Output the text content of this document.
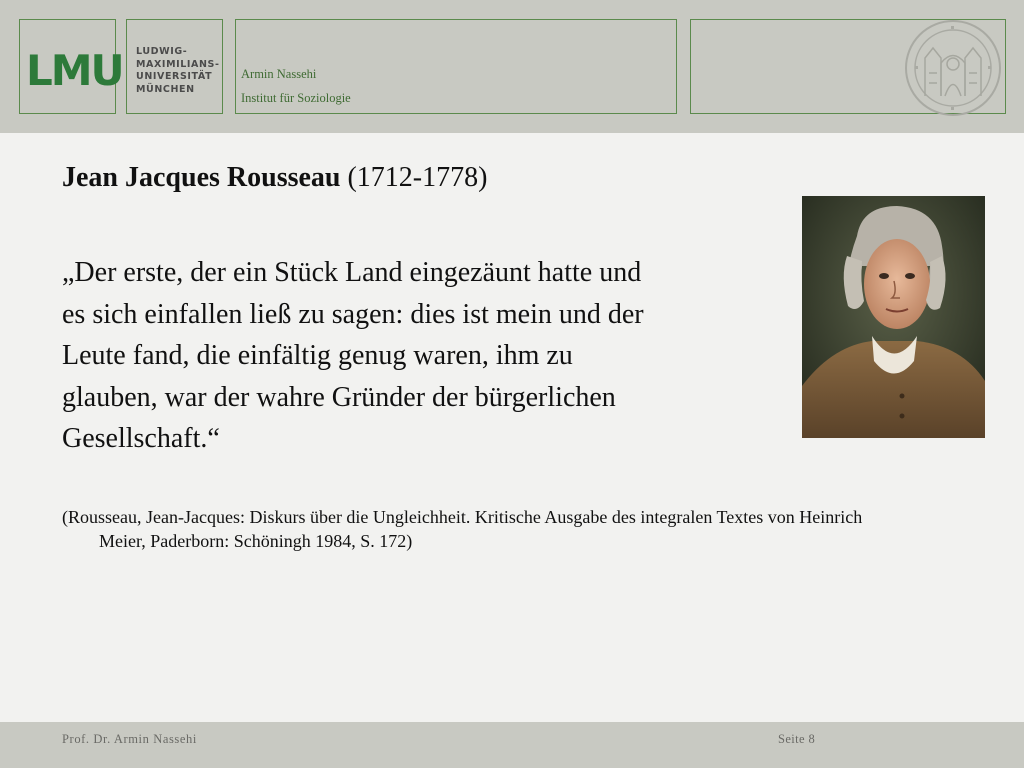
LMU LUDWIG-
MAXIMILIANS-
UNIVERSITÄT
MÜNCHEN
Armin Nassehi
Institut für Soziologie
Jean Jacques Rousseau (1712-1778)
„Der erste, der ein Stück Land eingezäunt hatte und
es sich einfallen ließ zu sagen: dies ist mein und der
Leute fand, die einfältig genug waren, ihm zu
glauben, war der wahre Gründer der bürgerlichen
Gesellschaft.“
(Rousseau, Jean-Jacques: Diskurs über die Ungleichheit. Kritische Ausgabe des integralen Textes von Heinrich
Meier, Paderborn: Schöningh 1984, S. 172)
Prof. Dr. Armin Nassehi	Seite 8
